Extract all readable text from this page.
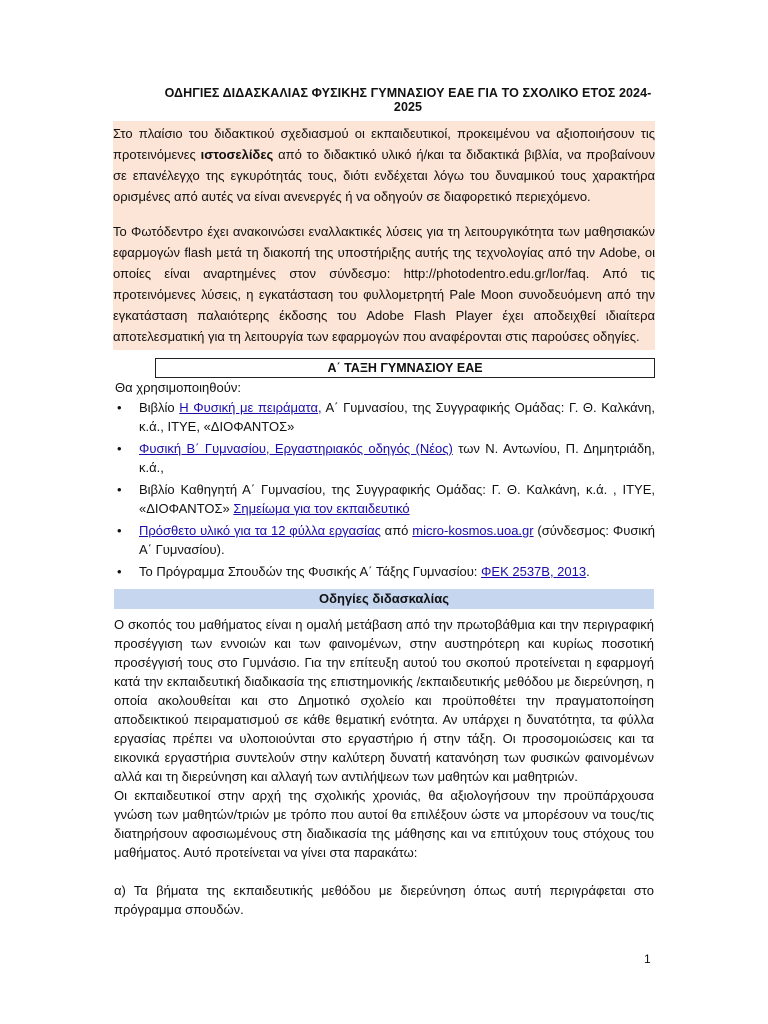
ΟΔΗΓΙΕΣ ΔΙΔΑΣΚΑΛΙΑΣ ΦΥΣΙΚΗΣ ΓΥΜΝΑΣΙΟΥ ΕΑΕ ΓΙΑ ΤΟ ΣΧΟΛΙΚΟ ΕΤΟΣ 2024-2025

Στο πλαίσιο του διδακτικού σχεδιασμού οι εκπαιδευτικοί, προκειμένου να αξιοποιήσουν τις προτεινόμενες ιστοσελίδες από το διδακτικό υλικό ή/και τα διδακτικά βιβλία, να προβαίνουν σε επανέλεγχο της εγκυρότητάς τους, διότι ενδέχεται λόγω του δυναμικού τους χαρακτήρα ορισμένες από αυτές να είναι ανενεργές ή να οδηγούν σε διαφορετικό περιεχόμενο.

Το Φωτόδεντρο έχει ανακοινώσει εναλλακτικές λύσεις για τη λειτουργικότητα των μαθησιακών εφαρμογών flash μετά τη διακοπή της υποστήριξης αυτής της τεχνολογίας από την Adobe, οι οποίες είναι αναρτημένες στον σύνδεσμο: http://photodentro.edu.gr/lor/faq. Από τις προτεινόμενες λύσεις, η εγκατάσταση του φυλλομετρητή Pale Moon συνοδευόμενη από την εγκατάσταση παλαιότερης έκδοσης του Adobe Flash Player έχει αποδειχθεί ιδιαίτερα αποτελεσματική για τη λειτουργία των εφαρμογών που αναφέρονται στις παρούσες οδηγίες.

Α΄ ΤΑΞΗ ΓΥΜΝΑΣΙΟΥ ΕΑΕ
Θα χρησιμοποιηθούν:
• Βιβλίο Η Φυσική με πειράματα, Α΄ Γυμνασίου, της Συγγραφικής Ομάδας: Γ. Θ. Καλκάνη, κ.ά., ΙΤΥΕ, «ΔΙΟΦΑΝΤΟΣ»
• Φυσική Β΄ Γυμνασίου, Εργαστηριακός οδηγός (Νέος) των Ν. Αντωνίου, Π. Δημητριάδη, κ.ά.,
• Βιβλίο Καθηγητή Α΄ Γυμνασίου, της Συγγραφικής Ομάδας: Γ. Θ. Καλκάνη, κ.ά. , ΙΤΥΕ, «ΔΙΟΦΑΝΤΟΣ» Σημείωμα για τον εκπαιδευτικό
• Πρόσθετο υλικό για τα 12 φύλλα εργασίας από micro-kosmos.uoa.gr (σύνδεσμος: Φυσική Α΄ Γυμνασίου).
• Το Πρόγραμμα Σπουδών της Φυσικής Α΄ Τάξης Γυμνασίου: ΦΕΚ 2537Β, 2013.
Οδηγίες διδασκαλίας

Ο σκοπός του μαθήματος είναι η ομαλή μετάβαση από την πρωτοβάθμια και την περιγραφική προσέγγιση των εννοιών και των φαινομένων, στην αυστηρότερη και κυρίως ποσοτική προσέγγισή τους στο Γυμνάσιο. Για την επίτευξη αυτού του σκοπού προτείνεται η εφαρμογή κατά την εκπαιδευτική διαδικασία της επιστημονικής /εκπαιδευτικής μεθόδου με διερεύνηση, η οποία ακολουθείται και στο Δημοτικό σχολείο και προϋποθέτει την πραγματοποίηση αποδεικτικού πειραματισμού σε κάθε θεματική ενότητα. Αν υπάρχει η δυνατότητα, τα φύλλα εργασίας πρέπει να υλοποιούνται στο εργαστήριο ή στην τάξη. Οι προσομοιώσεις και τα εικονικά εργαστήρια συντελούν στην καλύτερη δυνατή κατανόηση των φυσικών φαινομένων αλλά και τη διερεύνηση και αλλαγή των αντιλήψεων των μαθητών και μαθητριών.

Οι εκπαιδευτικοί στην αρχή της σχολικής χρονιάς, θα αξιολογήσουν την προϋπάρχουσα γνώση των μαθητών/τριών με τρόπο που αυτοί θα επιλέξουν ώστε να μπορέσουν να τους/τις διατηρήσουν αφοσιωμένους στη διαδικασία της μάθησης και να επιτύχουν τους στόχους του μαθήματος. Αυτό προτείνεται να γίνει στα παρακάτω:

α) Τα βήματα της εκπαιδευτικής μεθόδου με διερεύνηση όπως αυτή περιγράφεται στο πρόγραμμα σπουδών.

1
